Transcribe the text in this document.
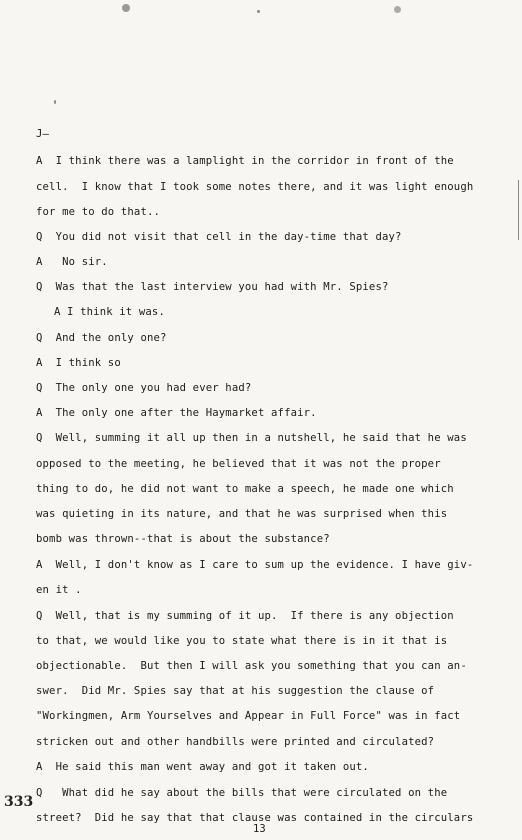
J—
A  I think there was a lamplight in the corridor in front of the
cell.  I know that I took some notes there, and it was light enough
for me to do that..
Q  You did not visit that cell in the day-time that day?
A   No sir.
Q  Was that the last interview you had with Mr. Spies?
A I think it was.
Q  And the only one?
A  I think so
Q  The only one you had ever had?
A  The only one after the Haymarket affair.
Q  Well, summing it all up then in a nutshell, he said that he was
opposed to the meeting, he believed that it was not the proper
thing to do, he did not want to make a speech, he made one which
was quieting in its nature, and that he was surprised when this
bomb was thrown--that is about the substance?
A  Well, I don't know as I care to sum up the evidence. I have giv-
en it .
Q  Well, that is my summing of it up.  If there is any objection
to that, we would like you to state what there is in it that is
objectionable.  But then I will ask you something that you can an-
swer.  Did Mr. Spies say that at his suggestion the clause of
"Workingmen, Arm Yourselves and Appear in Full Force" was in fact
stricken out and other handbills were printed and circulated?
A  He said this man went away and got it taken out.
Q   What did he say about the bills that were circulated on the
street?  Did he say that that clause was contained in the circulars
333
13
